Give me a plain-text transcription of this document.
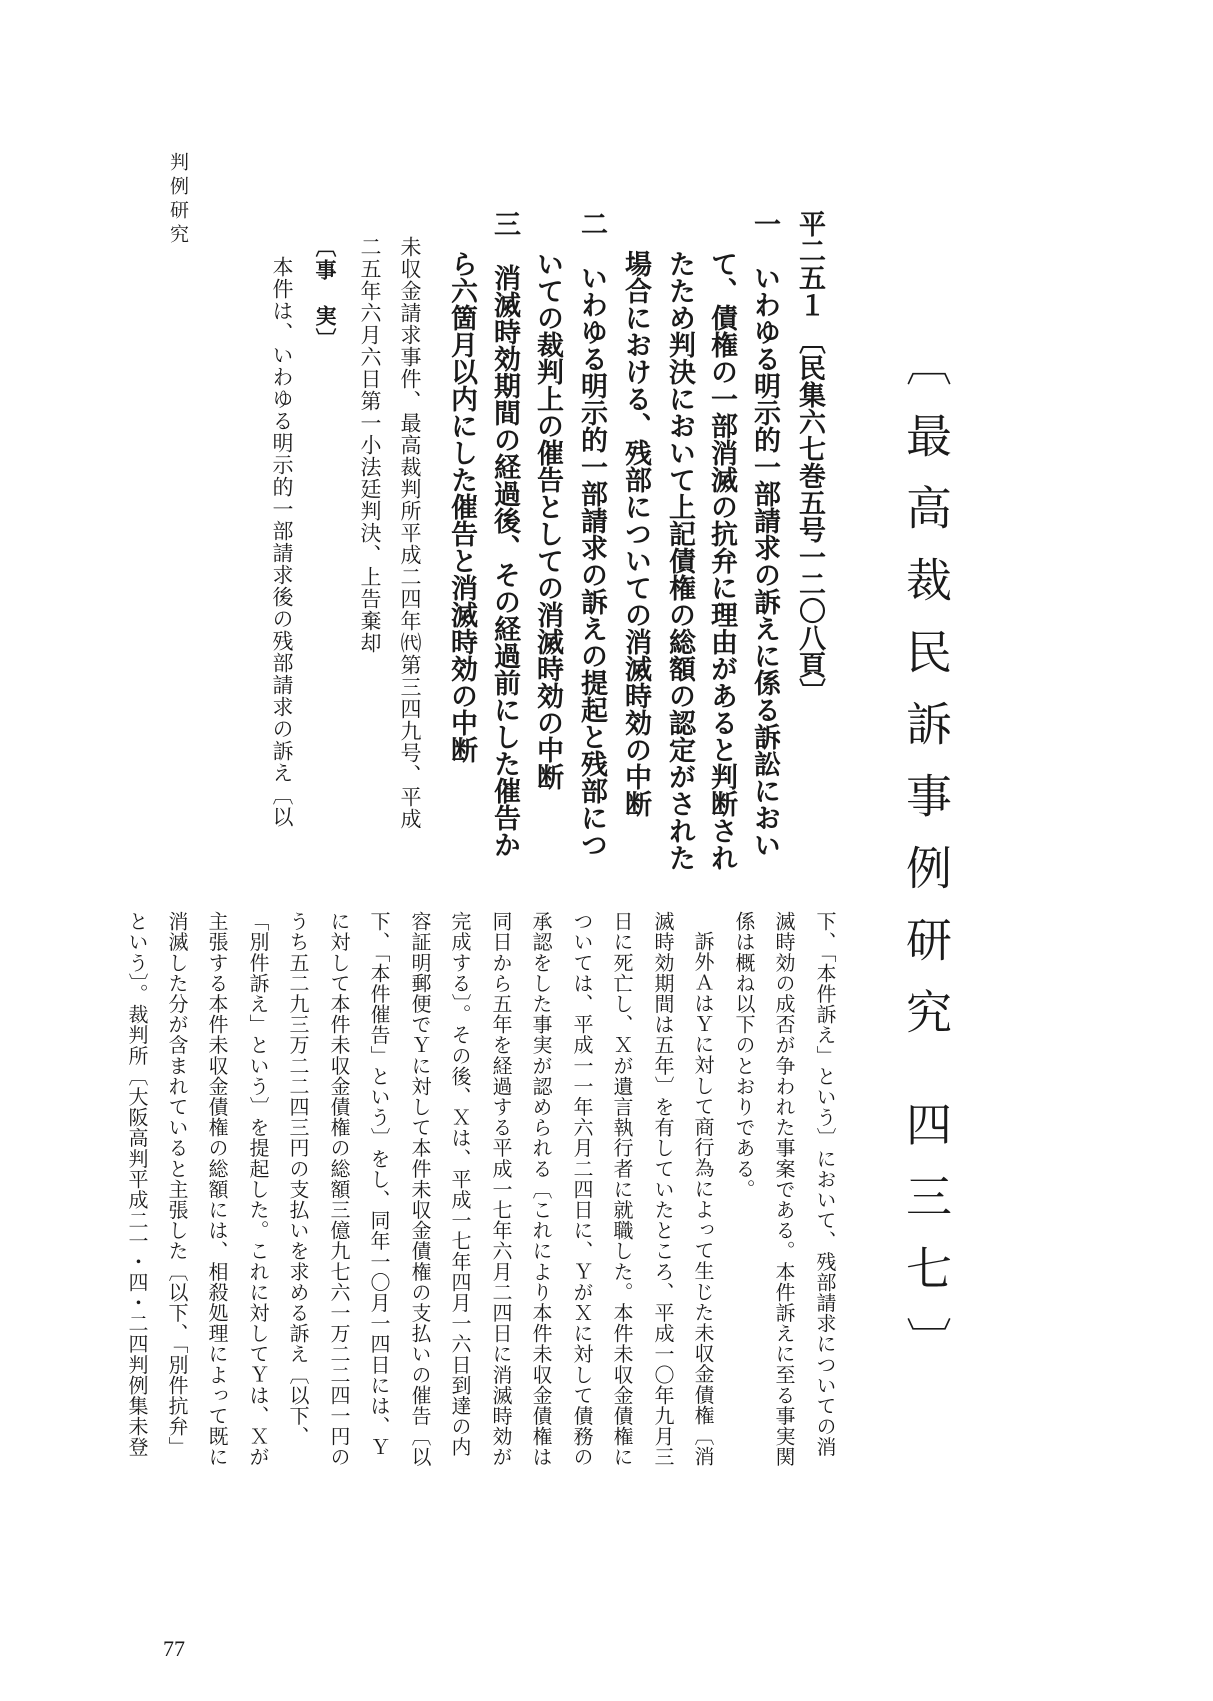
判例研究
〔最高裁民訴事例研究 四三七〕
平二五１ 〔民集六七巻五号一二〇八頁〕
一　いわゆる明示的一部請求の訴えに係る訴訟におい
て、債権の一部消滅の抗弁に理由があると判断され
たため判決において上記債権の総額の認定がされた
場合における、残部についての消滅時効の中断
二　いわゆる明示的一部請求の訴えの提起と残部につ
いての裁判上の催告としての消滅時効の中断
三　消滅時効期間の経過後、その経過前にした催告か
ら六箇月以内にした催告と消滅時効の中断
未収金請求事件、最高裁判所平成二四年㈹第三四九号、平成
二五年六月六日第一小法廷判決、上告棄却
〔事　実〕
本件は、いわゆる明示的一部請求後の残部請求の訴え〔以
下、「本件訴え」という〕において、残部請求についての消
滅時効の成否が争われた事案である。本件訴えに至る事実関
係は概ね以下のとおりである。
訴外ＡはＹに対して商行為によって生じた未収金債権〔消
滅時効期間は五年〕を有していたところ、平成一〇年九月三
日に死亡し、Ｘが遺言執行者に就職した。本件未収金債権に
ついては、平成一一年六月二四日に、ＹがＸに対して債務の
承認をした事実が認められる〔これにより本件未収金債権は
同日から五年を経過する平成一七年六月二四日に消滅時効が
完成する〕。その後、Ｘは、平成一七年四月一六日到達の内
容証明郵便でＹに対して本件未収金債権の支払いの催告〔以
下、「本件催告」という〕をし、同年一〇月一四日には、Ｙ
に対して本件未収金債権の総額三億九七六一万二二四一円の
うち五二九三万二二四三円の支払いを求める訴え〔以下、
「別件訴え」という〕を提起した。これに対してＹは、Ｘが
主張する本件未収金債権の総額には、相殺処理によって既に
消滅した分が含まれていると主張した〔以下、「別件抗弁」
という〕。裁判所〔大阪高判平成二一・四・二四判例集未登
77
